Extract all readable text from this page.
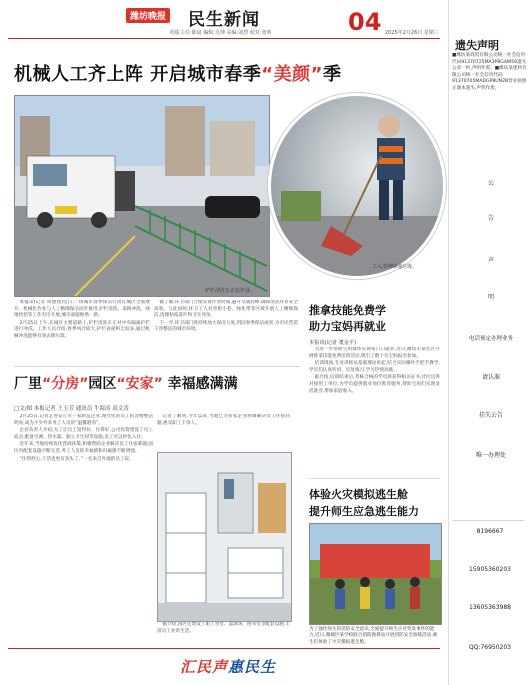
潍坊晚报 民生新闻	04 2025年2月26日 星期三
组版主任:陈晨 编辑:吴坤 美编:刘慧 校对:张明
机械人工齐上阵 开启城市春季“美颜”季
护栏清洗车正在作业。
工人清理绿地垃圾。

本报讯(记者 周德建)近日,一场城市春季保洁行动在城区全面展开。机械化作业与人工精细保洁同步推进,护栏清洗、道路冲洗、绿地捡拾等工作有序开展,城市面貌焕然一新。

2月25日上午,在城区主要道路上,护栏清洗车正对中央隔离护栏进行冲洗。工作人员介绍,春季风沙较大,护栏表面积尘较多,通过机械冲洗能够有效去除污渍。

据了解,环卫部门合理安排作业时间,避开交通高峰,确保清洗作业安全高效。与此同时,环卫工人对背街小巷、绿化带等区域开展人工精细保洁,清理枯枝落叶和卫生死角。

下一步,环卫部门将持续加大保洁力度,巩固春季保洁成果,为市民营造干净整洁的城市环境。

厂里“分房”园区“安家” 幸福感满满
□文/图 本报记者 王玉芳 通讯员 牛海涛 高文涛

2月25日,记者走进安丘市一家制造企业,现代化的员工宿舍楼整洁明亮,成为不少外来务工人员的“温馨港湾”。

企业负责人介绍,为了让员工留得住、住得好,公司投资建设了员工宿舍,配备空调、热水器、独立卫生间等设施,员工可以拎包入住。

近年来,当地持续优化营商环境,积极帮助企业解决员工住宿难题,园区内配套设施不断完善,务工人员的幸福感和归属感不断增强。

“住得舒心,干活也更有劲头了。”一名来自外地的员工说。

记者了解到,今年以来,当地已为多家企业协调解决员工住宿问题,惠及职工千余人。

据介绍,园区还建设了职工食堂、篮球场、图书室等配套设施,丰富员工业余生活。

推拿技能免费学
助力宝妈再就业
本报讯(记者 董金平)

为进一步帮助宝妈群体实现家门口就业,近日,潍坊市某社区开展推拿技能免费培训活动,吸引了数十名宝妈报名参加。

培训现场,专业讲师从基础理论讲起,结合实际操作手把手教学,学员们认真听讲、反复练习,学习热情高涨。

据介绍,培训结束后,考核合格的学员将获得相关证书,社区还将对接用工单位,为学员提供就业岗位推荐服务,帮助宝妈们实现灵活就业,增加家庭收入。

体验火灾模拟逃生舱
提升师生应急逃生能力
为了强化师生的消防安全意识,全面提升师生应对突发事件的能力,近日,潍城区某学校联合消防救援站开展消防安全演练活动,师生们体验了火灾模拟逃生舱。
汇民声惠民生
遗失声明
■潍坊某商贸有限公司统一社会信用代码91370725MA3P8GAW50遗失公章一枚,声明作废。■潍坊某建材有限公司统一社会信用代码91370705MADGP8UN2B营业执照正副本遗失,声明作废。
公
告
声
明
电话预定办理业务
请认准
挂失公告
唯一办理处
8196667
15905360203
13605363988
QQ:76950203
